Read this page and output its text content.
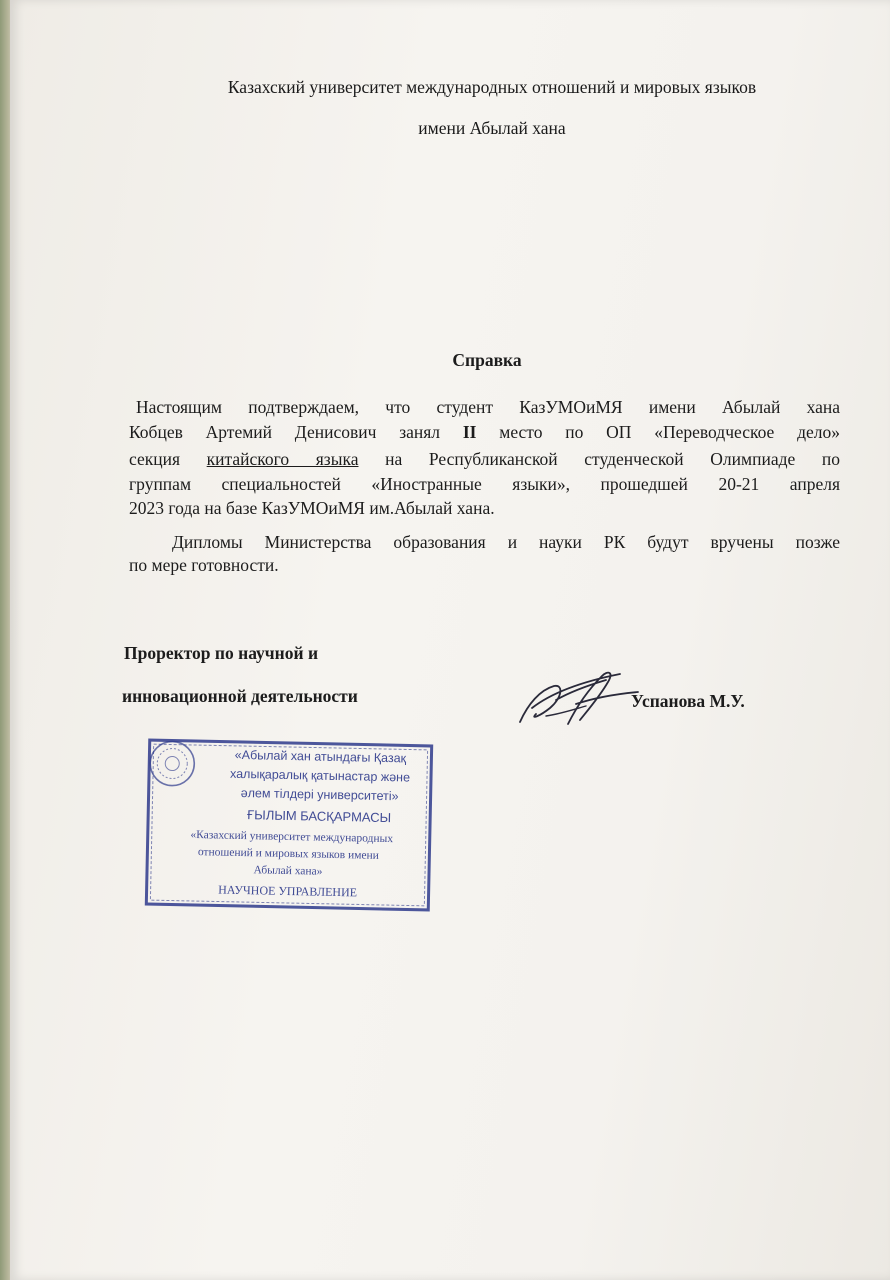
Казахский университет международных отношений и мировых языков
имени Абылай хана
Справка
Настоящим подтверждаем, что студент КазУМОиМЯ имени Абылай хана
Кобцев Артемий Денисович занял II место по ОП «Переводческое дело»
секция китайского языка на Республиканской студенческой Олимпиаде по
группам специальностей «Иностранные языки», прошедшей 20-21 апреля
2023 года на базе КазУМОиМЯ им.Абылай хана.
Дипломы Министерства образования и науки РК будут вручены позже
по мере готовности.
Проректор по научной и
инновационной деятельности	Успанова М.У.
«Абылай хан атындағы Қазақ
халықаралық қатынастар және
әлем тілдері университеті»
ҒЫЛЫМ БАСҚАРМАСЫ
«Казахский университет международных
отношений и мировых языков имени
Абылай хана»
НАУЧНОЕ УПРАВЛЕНИЕ
